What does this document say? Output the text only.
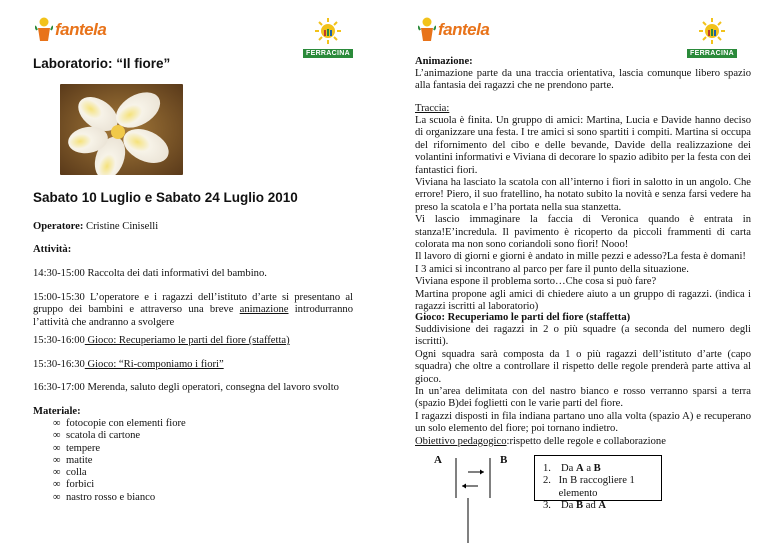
fantela
FERRACINA
Laboratorio: “Il fiore”
Sabato 10 Luglio e Sabato 24 Luglio 2010
Operatore: Cristine Ciniselli
Attività:
14:30-15:00 Raccolta dei dati informativi del bambino.
15:00-15:30 L’operatore e i ragazzi dell’istituto d’arte si presentano al gruppo dei bambini e attraverso una breve animazione introdurranno l’attività che andranno a svolgere
15:30-16:00 Gioco: Recuperiamo le parti del fiore (staffetta)
15:30-16:30 Gioco: “Ri-componiamo i fiori”
16:30-17:00 Merenda, saluto degli operatori, consegna del lavoro svolto
Materiale:
∞ fotocopie con elementi fiore
∞ scatola di cartone
∞ tempere
∞ matite
∞ colla
∞ forbici
∞ nastro rosso e bianco
fantela
FERRACINA
Animazione:
L’animazione parte da una traccia orientativa, lascia comunque libero spazio alla fantasia dei ragazzi che ne prendono parte.
Traccia:
La scuola è finita. Un gruppo di amici: Martina, Lucia e Davide hanno deciso di organizzare una festa. I tre amici si sono spartiti i compiti. Martina si occupa del rifornimento del cibo e delle bevande, Davide della realizzazione dei volantini informativi e Viviana di decorare lo spazio adibito per la festa con dei fantastici fiori.
Viviana ha lasciato la scatola con all’interno i fiori in salotto in un angolo. Che errore! Piero, il suo fratellino, ha notato subito la novità e senza farsi vedere ha preso la scatola e l’ha portata nella sua stanzetta.
Vi lascio immaginare la faccia di Veronica quando è entrata in stanza!E’incredula. Il pavimento è ricoperto da piccoli frammenti di carta colorata ma non sono coriandoli sono fiori! Nooo!
Il lavoro di giorni e giorni è andato in mille pezzi e adesso?La festa è domani!
I 3 amici si incontrano al parco per fare il punto della situazione.
Viviana espone il problema sorto…Che cosa si può fare?
Martina propone agli amici di chiedere aiuto a un gruppo di ragazzi. (indica i ragazzi iscritti al laboratorio)
Gioco: Recuperiamo le parti del fiore (staffetta)
Suddivisione dei ragazzi in 2 o più squadre (a seconda del numero degli iscritti).
Ogni squadra sarà composta da 1 o più ragazzi dell’istituto d’arte (capo squadra) che oltre a controllare il rispetto delle regole prenderà parte attiva al gioco.
In un’area delimitata con del nastro bianco e rosso verranno sparsi a terra (spazio B)dei foglietti con le varie parti del fiore.
I ragazzi disposti in fila indiana partano uno alla volta (spazio A) e recuperano un solo elemento del fiore; poi tornano indietro.
Obiettivo pedagogico:rispetto delle regole e collaborazione
A	B
1. Da A a B
2. In B raccogliere 1 elemento
3. Da B ad A
